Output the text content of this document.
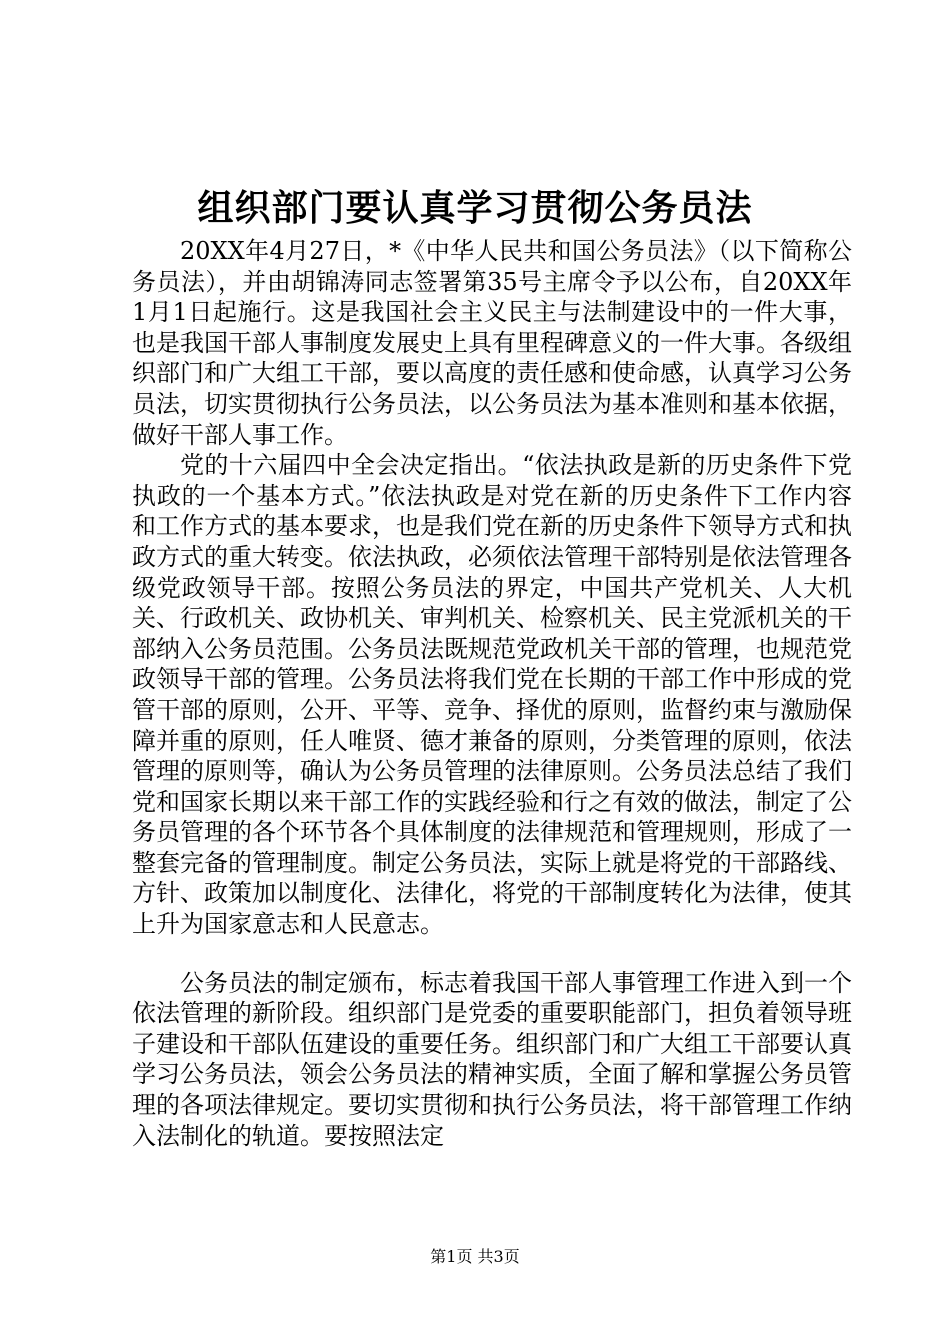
组织部门要认真学习贯彻公务员法

20XX年4月27日，*《中华人民共和国公务员法》（以下简称公务员法），并由胡锦涛同志签署第35号主席令予以公布，自20XX年1月1日起施行。这是我国社会主义民主与法制建设中的一件大事，也是我国干部人事制度发展史上具有里程碑意义的一件大事。各级组织部门和广大组工干部，要以高度的责任感和使命感，认真学习公务员法，切实贯彻执行公务员法，以公务员法为基本准则和基本依据，做好干部人事工作。

党的十六届四中全会决定指出。“依法执政是新的历史条件下党执政的一个基本方式。”依法执政是对党在新的历史条件下工作内容和工作方式的基本要求，也是我们党在新的历史条件下领导方式和执政方式的重大转变。依法执政，必须依法管理干部特别是依法管理各级党政领导干部。按照公务员法的界定，中国共产党机关、人大机关、行政机关、政协机关、审判机关、检察机关、民主党派机关的干部纳入公务员范围。公务员法既规范党政机关干部的管理，也规范党政领导干部的管理。公务员法将我们党在长期的干部工作中形成的党管干部的原则，公开、平等、竞争、择优的原则，监督约束与激励保障并重的原则，任人唯贤、德才兼备的原则，分类管理的原则，依法管理的原则等，确认为公务员管理的法律原则。公务员法总结了我们党和国家长期以来干部工作的实践经验和行之有效的做法，制定了公务员管理的各个环节各个具体制度的法律规范和管理规则，形成了一整套完备的管理制度。制定公务员法，实际上就是将党的干部路线、方针、政策加以制度化、法律化，将党的干部制度转化为法律，使其上升为国家意志和人民意志。

公务员法的制定颁布，标志着我国干部人事管理工作进入到一个依法管理的新阶段。组织部门是党委的重要职能部门，担负着领导班子建设和干部队伍建设的重要任务。组织部门和广大组工干部要认真学习公务员法，领会公务员法的精神实质，全面了解和掌握公务员管理的各项法律规定。要切实贯彻和执行公务员法，将干部管理工作纳入法制化的轨道。要按照法定

第1页 共3页
